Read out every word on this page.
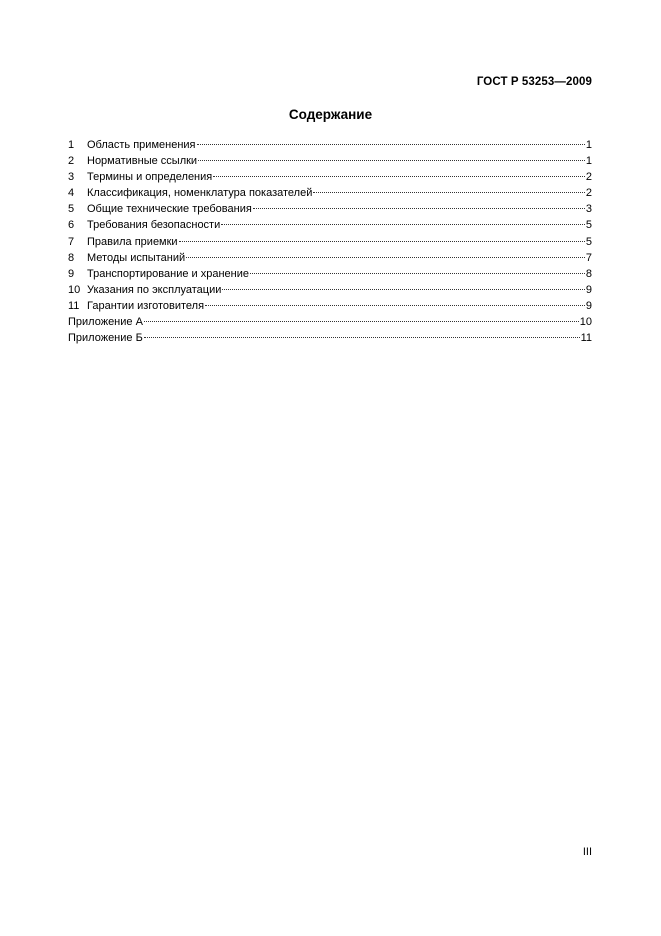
ГОСТ Р 53253—2009
Содержание
1	Область применения	1
2	Нормативные ссылки	1
3	Термины и определения	2
4	Классификация, номенклатура показателей	2
5	Общие технические требования	3
6	Требования безопасности	5
7	Правила приемки	5
8	Методы испытаний	7
9	Транспортирование и хранение	8
10 Указания по эксплуатации	9
11 Гарантии изготовителя	9
Приложение А	10
Приложение Б	11
III
